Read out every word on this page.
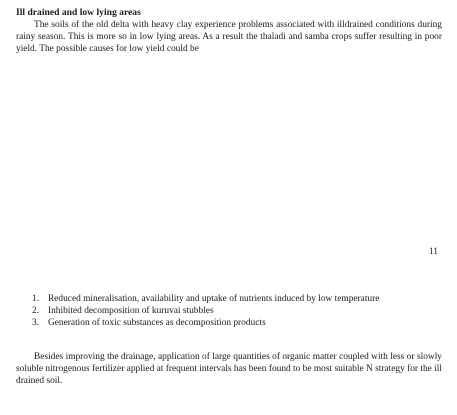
Ill drained and low lying areas

The soils of the old delta with heavy clay experience problems associated with illdrained conditions during rainy season. This is more so in low lying areas. As a result the thaladi and samba crops suffer resulting in poor yield. The possible causes for low yield could be

11
1. Reduced mineralisation, availability and uptake of nutrients induced by low temperature
2. Inhibited decomposition of kuruvai stubbles
3. Generation of toxic substances as decomposition products

Besides improving the drainage, application of large quantities of organic matter coupled with less or slowly soluble nitrogenous fertilizer applied at frequent intervals has been found to be most suitable N strategy for the ill drained soil.
